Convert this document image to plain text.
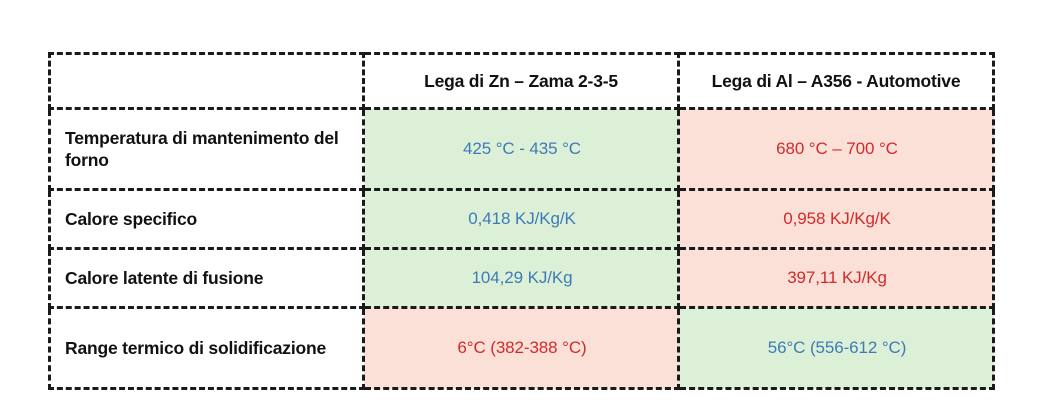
	Lega di Zn – Zama 2-3-5	Lega di Al – A356 - Automotive

Temperatura di mantenimento del forno	425 °C - 435 °C	680 °C – 700 °C

Calore specifico	0,418 KJ/Kg/K	0,958 KJ/Kg/K

Calore latente di fusione	104,29 KJ/Kg	397,11 KJ/Kg

Range termico di solidificazione	6°C (382-388 °C)	56°C (556-612 °C)
